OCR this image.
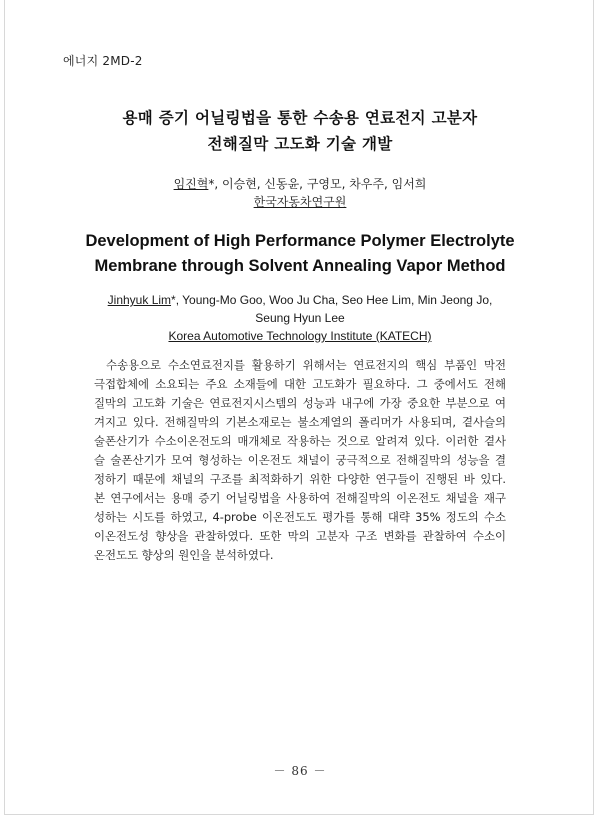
에너지 2MD-2
용매 증기 어닐링법을 통한 수송용 연료전지 고분자
전해질막 고도화 기술 개발
임진혁*, 이승현, 신동윤, 구영모, 차우주, 임서희
한국자동차연구원
Development of High Performance Polymer Electrolyte
Membrane through Solvent Annealing Vapor Method
Jinhyuk Lim*, Young-Mo Goo, Woo Ju Cha, Seo Hee Lim, Min Jeong Jo,
Seung Hyun Lee
Korea Automotive Technology Institute (KATECH)
수송용으로 수소연료전지를 활용하기 위해서는 연료전지의 핵심 부품인 막전
극접합체에 소요되는 주요 소재들에 대한 고도화가 필요하다. 그 중에서도 전해
질막의 고도화 기술은 연료전지시스템의 성능과 내구에 가장 중요한 부분으로 여
겨지고 있다. 전해질막의 기본소재로는 불소계열의 폴리머가 사용되며, 곁사슬의
술폰산기가 수소이온전도의 매개체로 작용하는 것으로 알려져 있다. 이러한 곁사
슬 술폰산기가 모여 형성하는 이온전도 채널이 궁극적으로 전해질막의 성능을 결
정하기 때문에 채널의 구조를 최적화하기 위한 다양한 연구들이 진행된 바 있다.
본 연구에서는 용매 증기 어닐링법을 사용하여 전해질막의 이온전도 채널을 재구
성하는 시도를 하였고, 4-probe 이온전도도 평가를 통해 대략 35% 정도의 수소
이온전도성 향상을 관찰하였다. 또한 막의 고분자 구조 변화를 관찰하여 수소이
온전도도 향상의 원인을 분석하였다.
－ 86 －
